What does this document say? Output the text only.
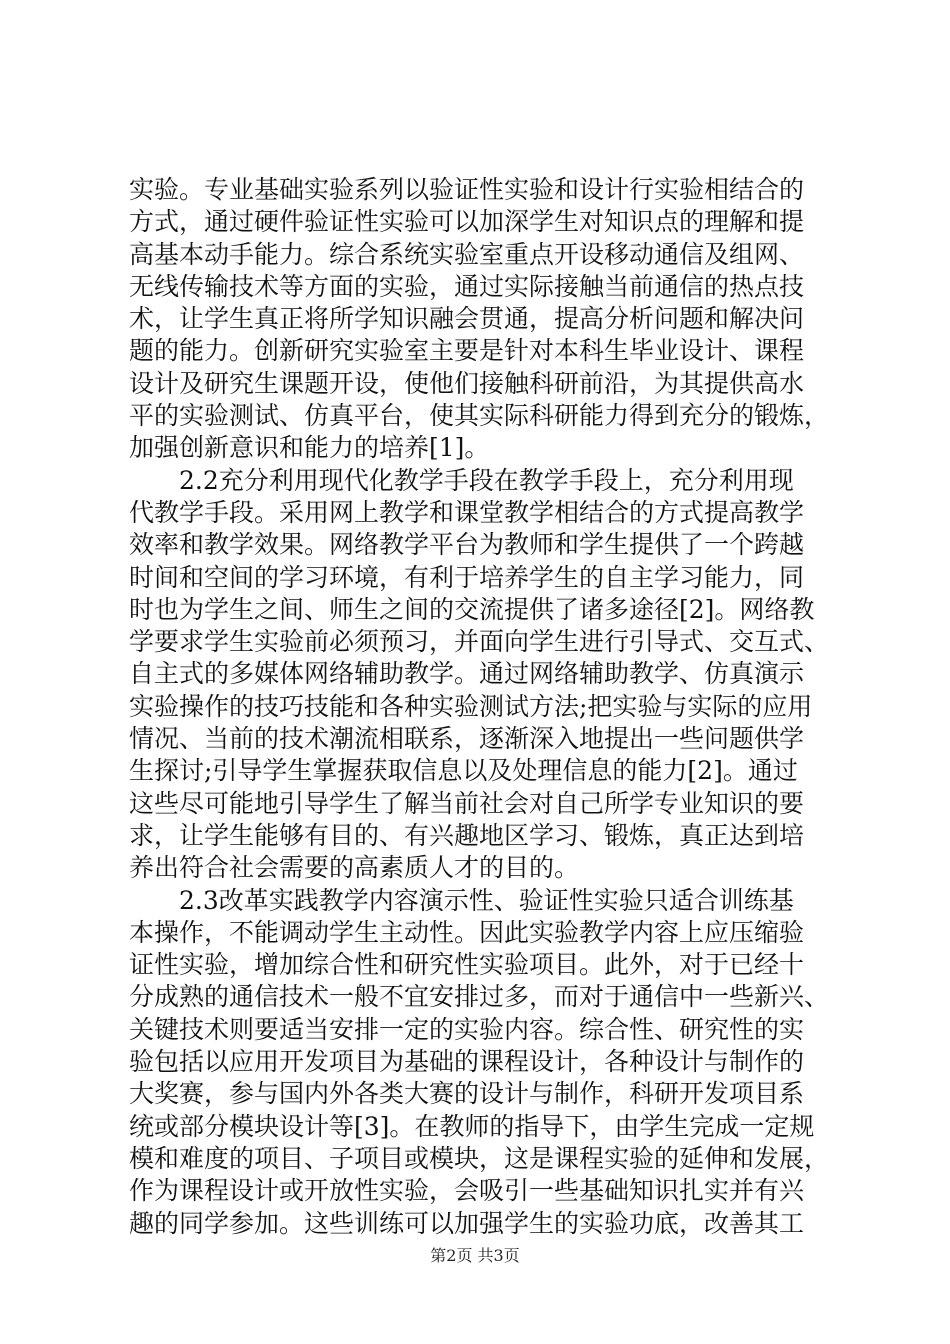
实验。专业基础实验系列以验证性实验和设计行实验相结合的
方式，通过硬件验证性实验可以加深学生对知识点的理解和提
高基本动手能力。综合系统实验室重点开设移动通信及组网、
无线传输技术等方面的实验，通过实际接触当前通信的热点技
术，让学生真正将所学知识融会贯通，提高分析问题和解决问
题的能力。创新研究实验室主要是针对本科生毕业设计、课程
设计及研究生课题开设，使他们接触科研前沿，为其提供高水
平的实验测试、仿真平台，使其实际科研能力得到充分的锻炼，
加强创新意识和能力的培养[1]。
　　2.2充分利用现代化教学手段在教学手段上，充分利用现
代教学手段。采用网上教学和课堂教学相结合的方式提高教学
效率和教学效果。网络教学平台为教师和学生提供了一个跨越
时间和空间的学习环境，有利于培养学生的自主学习能力，同
时也为学生之间、师生之间的交流提供了诸多途径[2]。网络教
学要求学生实验前必须预习，并面向学生进行引导式、交互式、
自主式的多媒体网络辅助教学。通过网络辅助教学、仿真演示
实验操作的技巧技能和各种实验测试方法;把实验与实际的应用
情况、当前的技术潮流相联系，逐渐深入地提出一些问题供学
生探讨;引导学生掌握获取信息以及处理信息的能力[2]。通过
这些尽可能地引导学生了解当前社会对自己所学专业知识的要
求，让学生能够有目的、有兴趣地区学习、锻炼，真正达到培
养出符合社会需要的高素质人才的目的。
　　2.3改革实践教学内容演示性、验证性实验只适合训练基
本操作，不能调动学生主动性。因此实验教学内容上应压缩验
证性实验，增加综合性和研究性实验项目。此外，对于已经十
分成熟的通信技术一般不宜安排过多，而对于通信中一些新兴、
关键技术则要适当安排一定的实验内容。综合性、研究性的实
验包括以应用开发项目为基础的课程设计，各种设计与制作的
大奖赛，参与国内外各类大赛的设计与制作，科研开发项目系
统或部分模块设计等[3]。在教师的指导下，由学生完成一定规
模和难度的项目、子项目或模块，这是课程实验的延伸和发展，
作为课程设计或开放性实验，会吸引一些基础知识扎实并有兴
趣的同学参加。这些训练可以加强学生的实验功底，改善其工
第2页 共3页
